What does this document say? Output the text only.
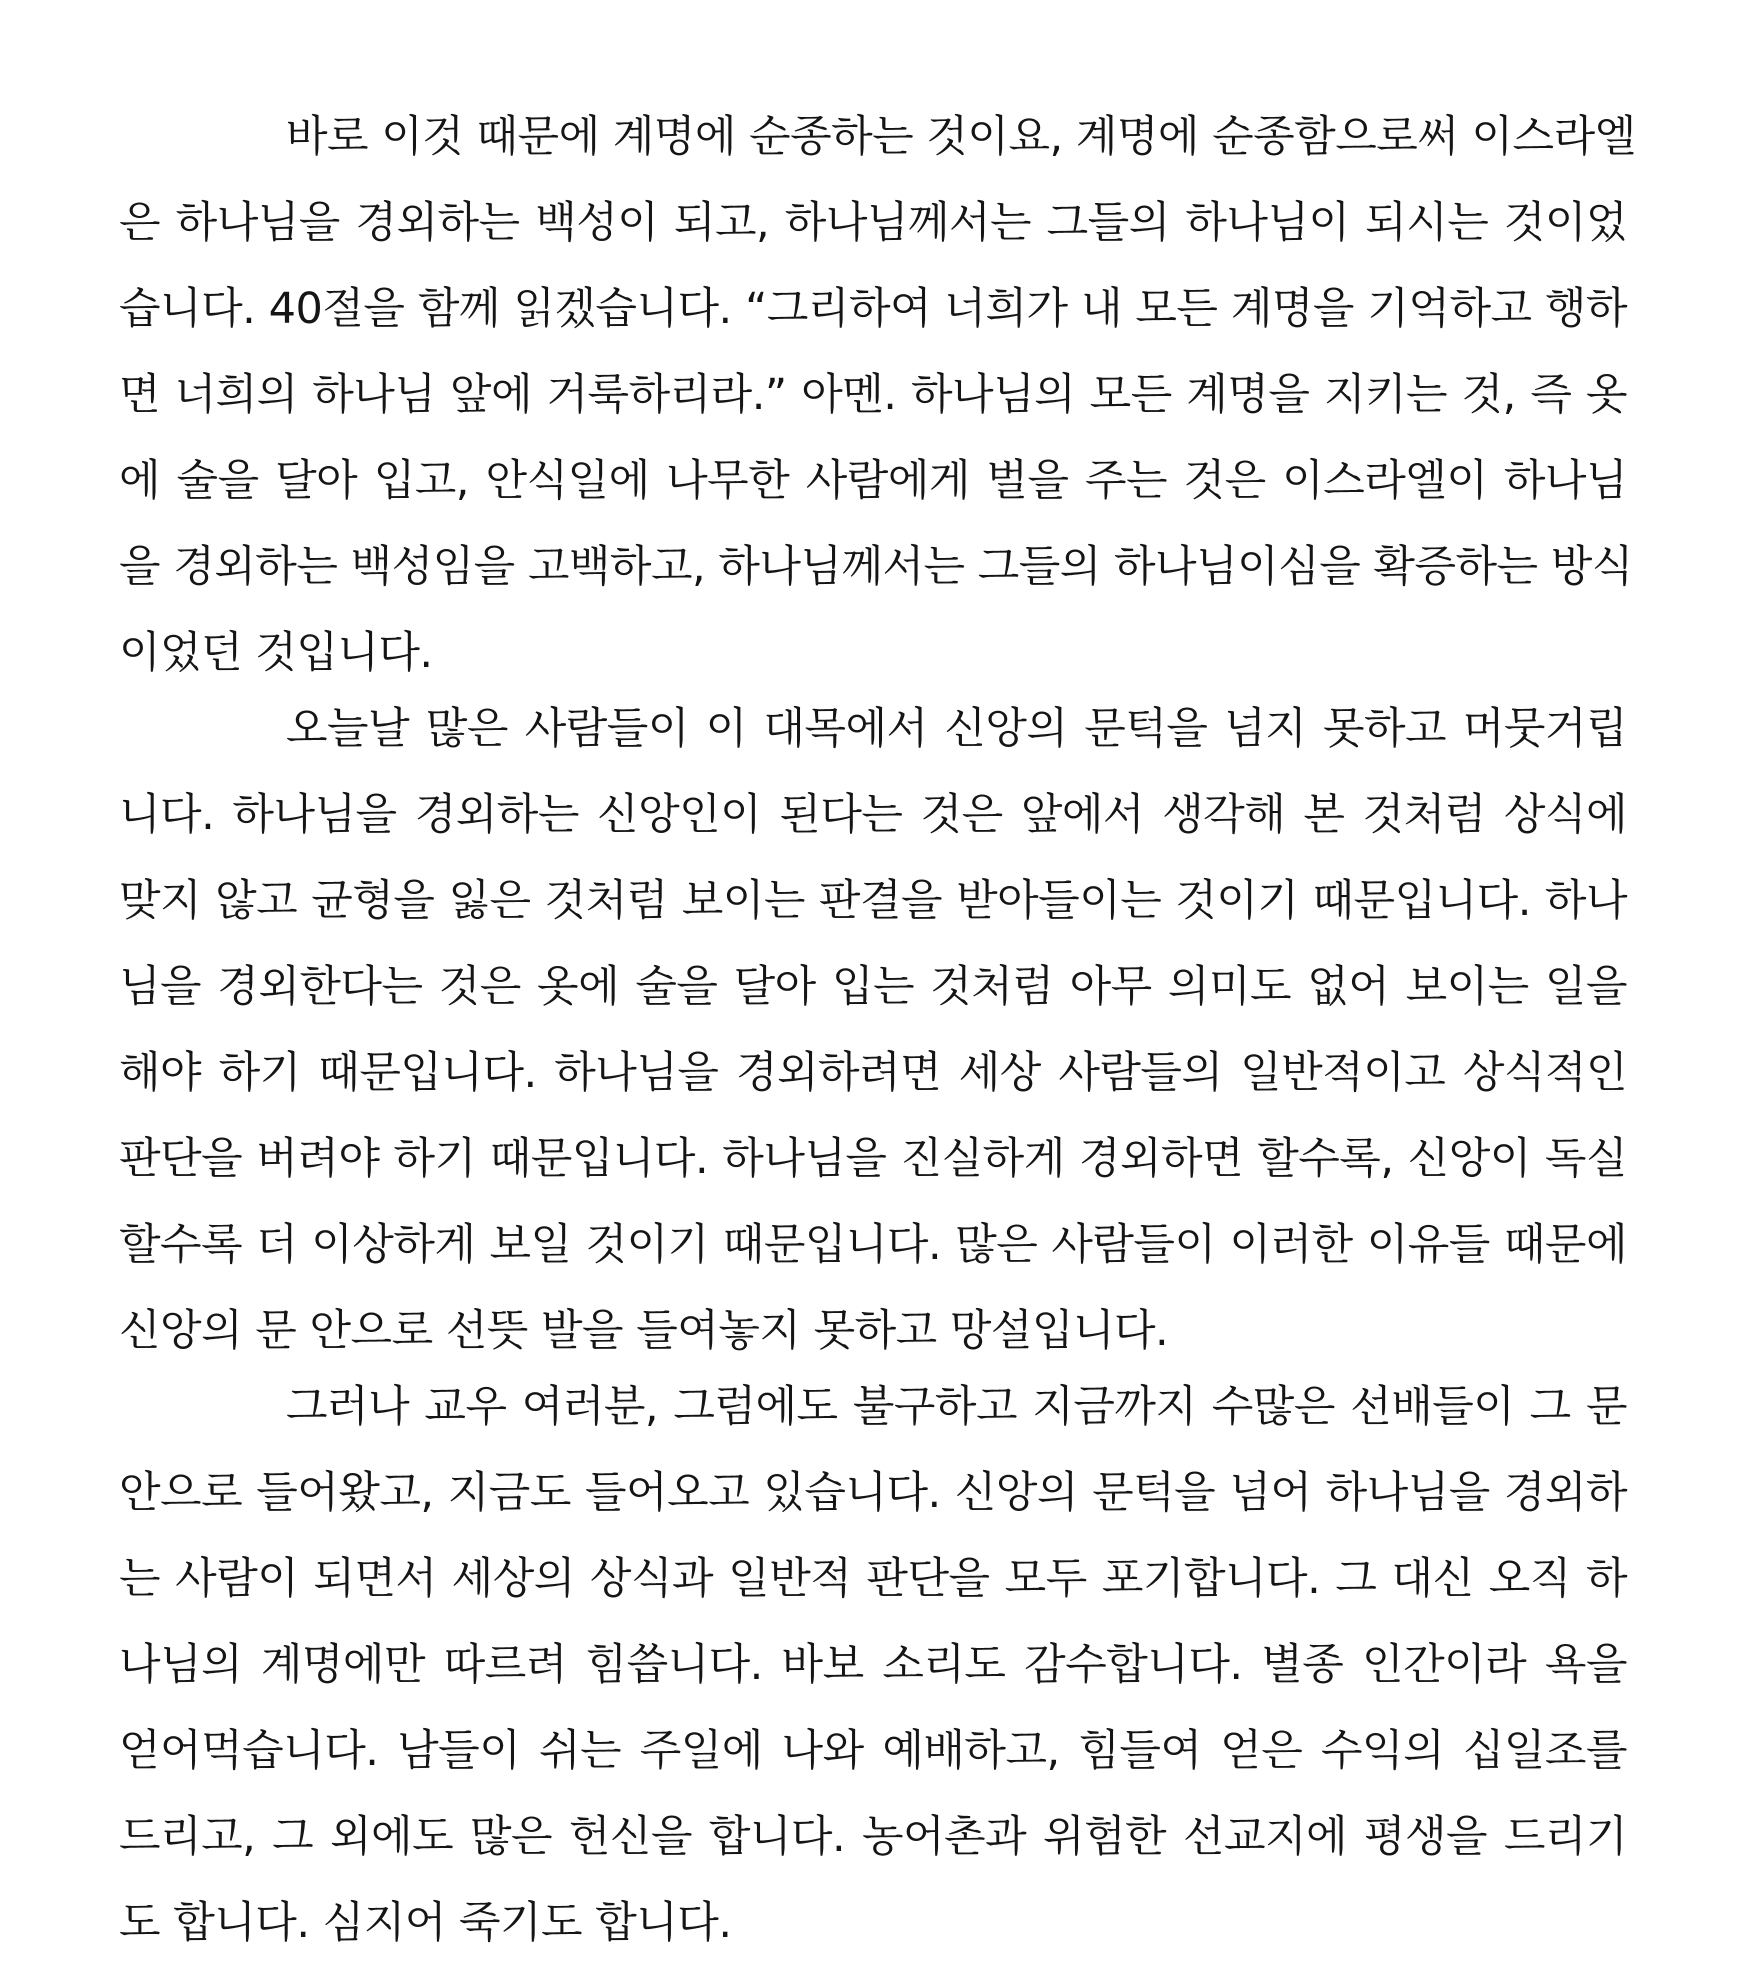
바로 이것 때문에 계명에 순종하는 것이요, 계명에 순종함으로써 이스라엘
은 하나님을 경외하는 백성이 되고, 하나님께서는 그들의 하나님이 되시는 것이었
습니다. 40절을 함께 읽겠습니다. “그리하여 너희가 내 모든 계명을 기억하고 행하
면 너희의 하나님 앞에 거룩하리라.” 아멘. 하나님의 모든 계명을 지키는 것, 즉 옷
에 술을 달아 입고, 안식일에 나무한 사람에게 벌을 주는 것은 이스라엘이 하나님
을 경외하는 백성임을 고백하고, 하나님께서는 그들의 하나님이심을 확증하는 방식
이었던 것입니다.
오늘날 많은 사람들이 이 대목에서 신앙의 문턱을 넘지 못하고 머뭇거립
니다. 하나님을 경외하는 신앙인이 된다는 것은 앞에서 생각해 본 것처럼 상식에
맞지 않고 균형을 잃은 것처럼 보이는 판결을 받아들이는 것이기 때문입니다. 하나
님을 경외한다는 것은 옷에 술을 달아 입는 것처럼 아무 의미도 없어 보이는 일을
해야 하기 때문입니다. 하나님을 경외하려면 세상 사람들의 일반적이고 상식적인
판단을 버려야 하기 때문입니다. 하나님을 진실하게 경외하면 할수록, 신앙이 독실
할수록 더 이상하게 보일 것이기 때문입니다. 많은 사람들이 이러한 이유들 때문에
신앙의 문 안으로 선뜻 발을 들여놓지 못하고 망설입니다.
그러나 교우 여러분, 그럼에도 불구하고 지금까지 수많은 선배들이 그 문
안으로 들어왔고, 지금도 들어오고 있습니다. 신앙의 문턱을 넘어 하나님을 경외하
는 사람이 되면서 세상의 상식과 일반적 판단을 모두 포기합니다. 그 대신 오직 하
나님의 계명에만 따르려 힘씁니다. 바보 소리도 감수합니다. 별종 인간이라 욕을
얻어먹습니다. 남들이 쉬는 주일에 나와 예배하고, 힘들여 얻은 수익의 십일조를
드리고, 그 외에도 많은 헌신을 합니다. 농어촌과 위험한 선교지에 평생을 드리기
도 합니다. 심지어 죽기도 합니다.
